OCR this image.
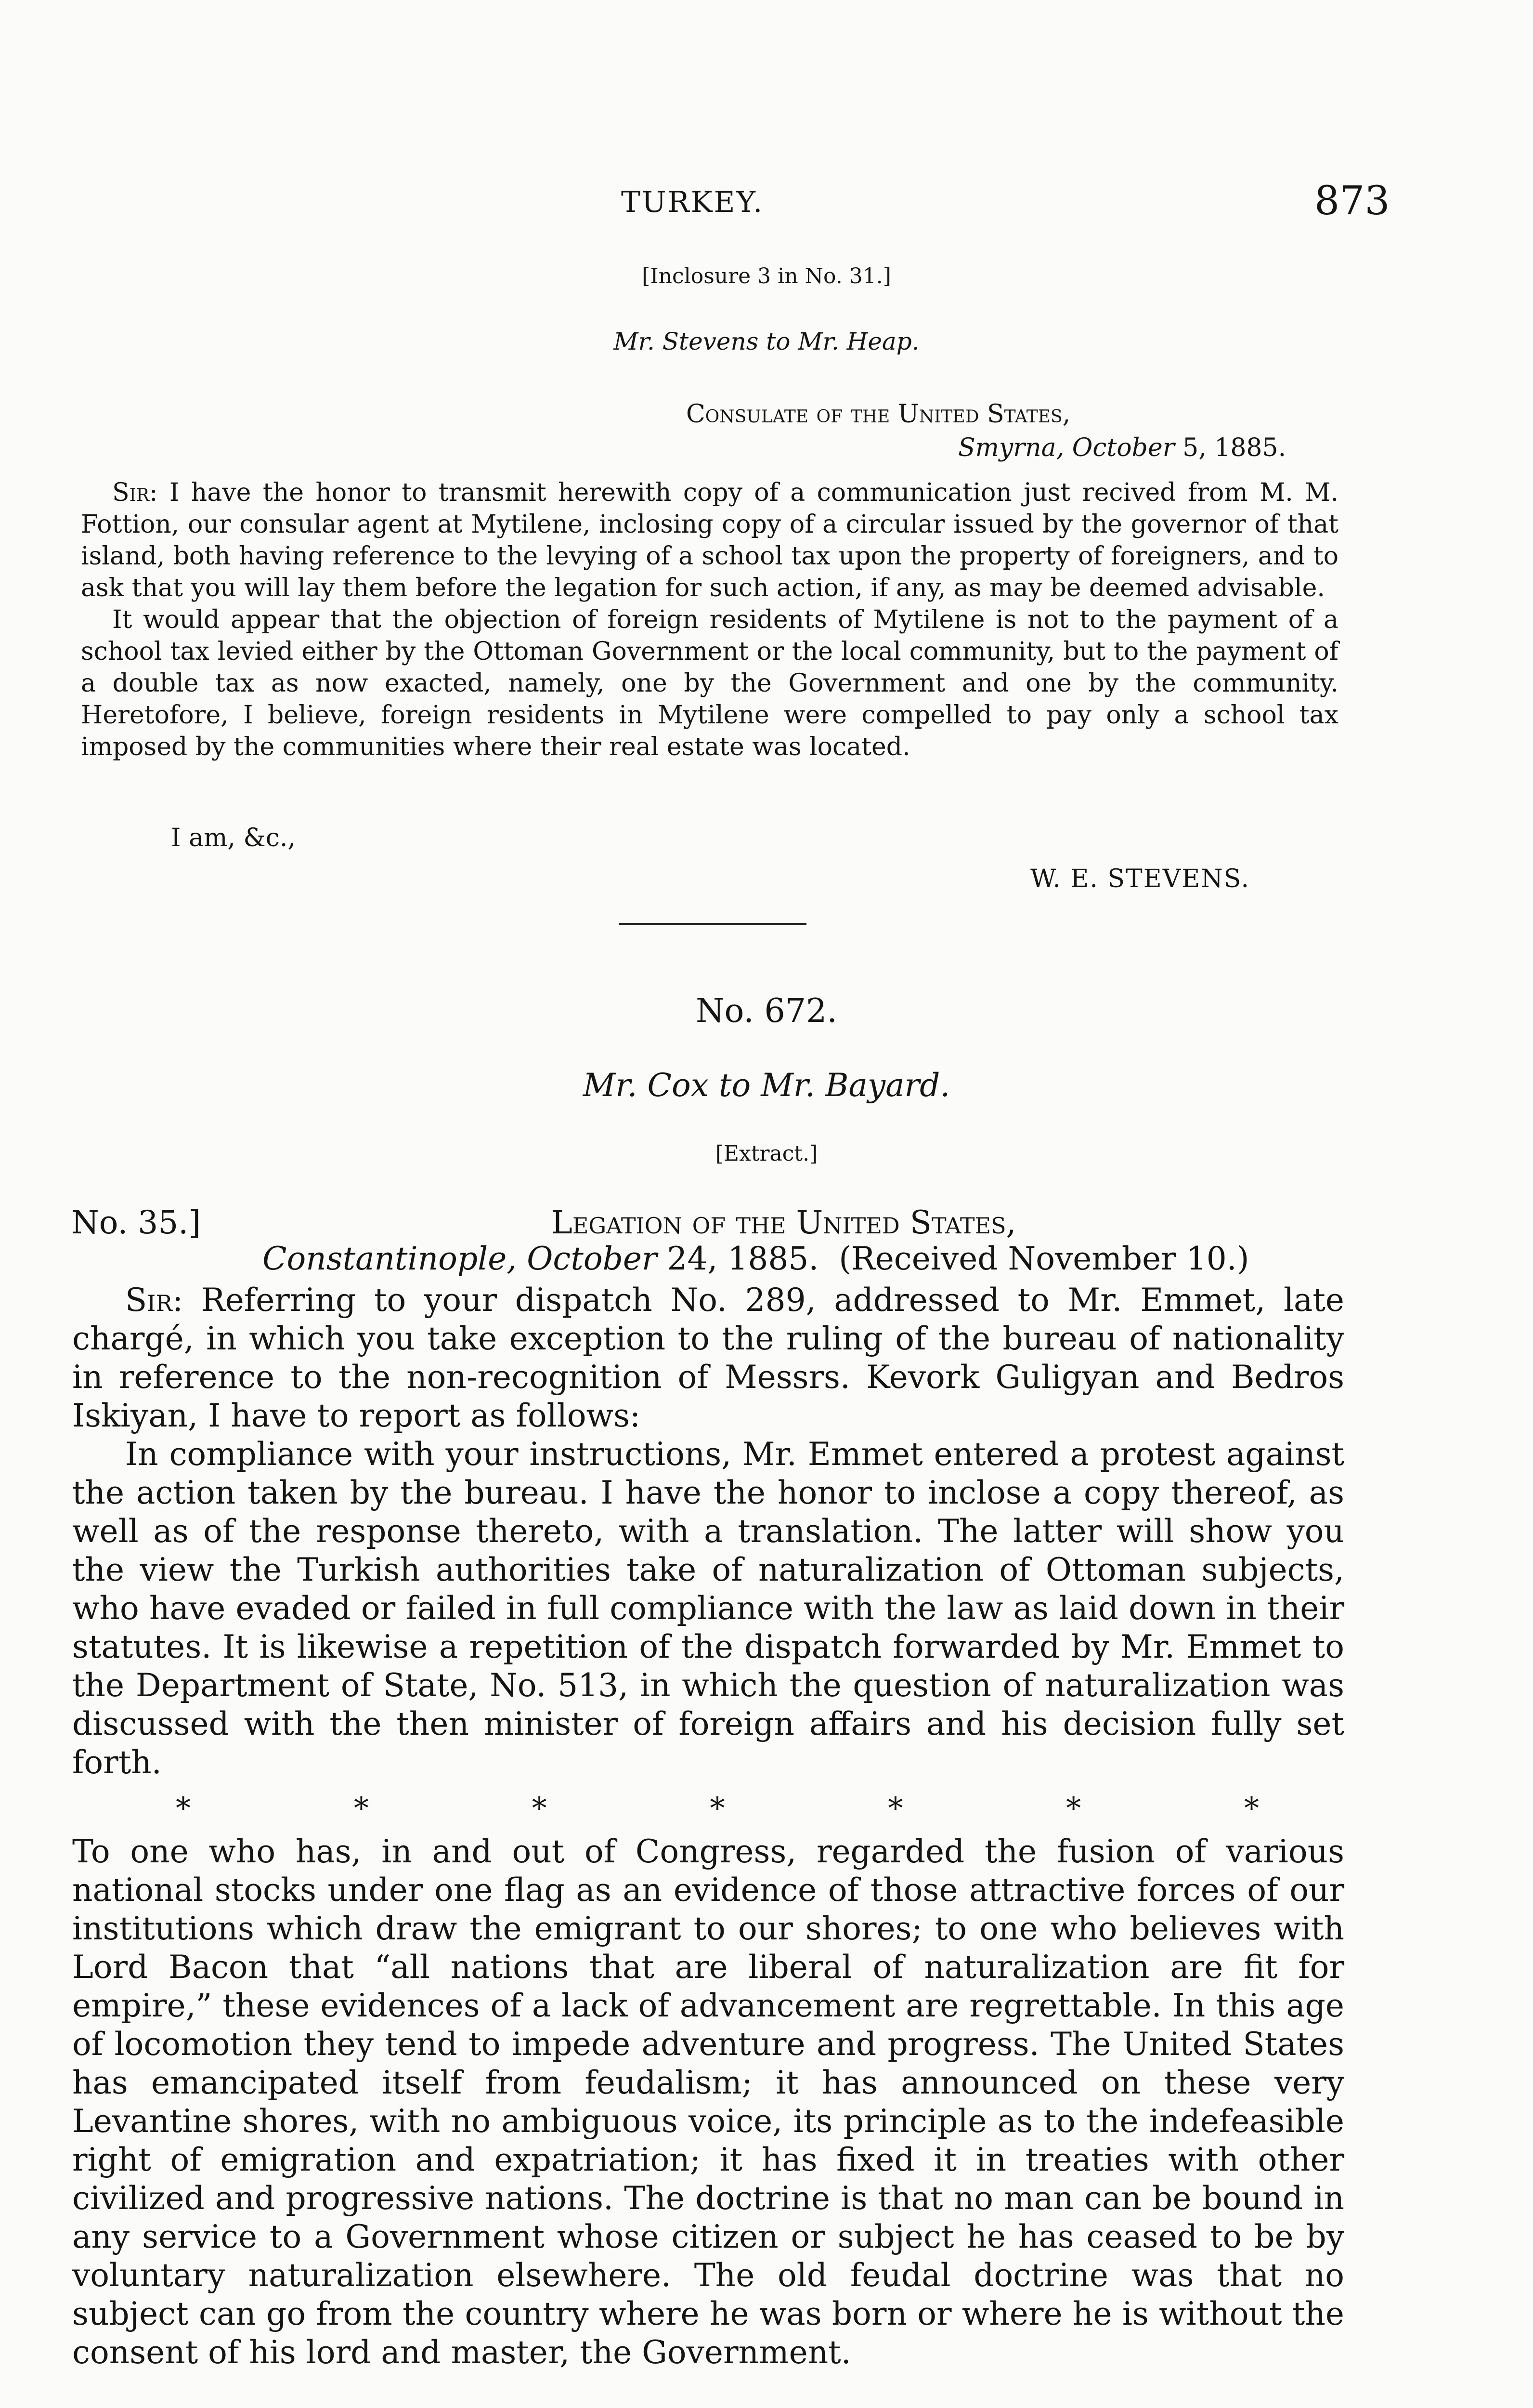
TURKEY.	873
[Inclosure 3 in No. 31.]
Mr. Stevens to Mr. Heap.
Consulate of the United States,
Smyrna, October 5, 1885.

Sir: I have the honor to transmit herewith copy of a communication just recived from M. M. Fottion, our consular agent at Mytilene, inclosing copy of a circular issued by the governor of that island, both having reference to the levying of a school tax upon the property of foreigners, and to ask that you will lay them before the legation for such action, if any, as may be deemed advisable.

It would appear that the objection of foreign residents of Mytilene is not to the payment of a school tax levied either by the Ottoman Government or the local community, but to the payment of a double tax as now exacted, namely, one by the Government and one by the community. Heretofore, I believe, foreign residents in Mytilene were compelled to pay only a school tax imposed by the communities where their real estate was located.

I am, &c.,
W. E. STEVENS.
No. 672.
Mr. Cox to Mr. Bayard.
[Extract.]
No. 35.]	Legation of the United States,
Constantinople, October 24, 1885. (Received November 10.)

Sir: Referring to your dispatch No. 289, addressed to Mr. Emmet, late chargé, in which you take exception to the ruling of the bureau of nationality in reference to the non-recognition of Messrs. Kevork Guligyan and Bedros Iskiyan, I have to report as follows:

In compliance with your instructions, Mr. Emmet entered a protest against the action taken by the bureau. I have the honor to inclose a copy thereof, as well as of the response thereto, with a translation. The latter will show you the view the Turkish authorities take of naturalization of Ottoman subjects, who have evaded or failed in full compliance with the law as laid down in their statutes. It is likewise a repetition of the dispatch forwarded by Mr. Emmet to the Department of State, No. 513, in which the question of naturalization was discussed with the then minister of foreign affairs and his decision fully set forth.

*	*	*	*	*	*	*

To one who has, in and out of Congress, regarded the fusion of various national stocks under one flag as an evidence of those attractive forces of our institutions which draw the emigrant to our shores; to one who believes with Lord Bacon that “all nations that are liberal of naturalization are fit for empire,” these evidences of a lack of advancement are regrettable. In this age of locomotion they tend to impede adventure and progress. The United States has emancipated itself from feudalism; it has announced on these very Levantine shores, with no ambiguous voice, its principle as to the indefeasible right of emigration and expatriation; it has fixed it in treaties with other civilized and progressive nations. The doctrine is that no man can be bound in any service to a Government whose citizen or subject he has ceased to be by voluntary naturalization elsewhere. The old feudal doctrine was that no subject can go from the country where he was born or where he is without the consent of his lord and master, the Government.
